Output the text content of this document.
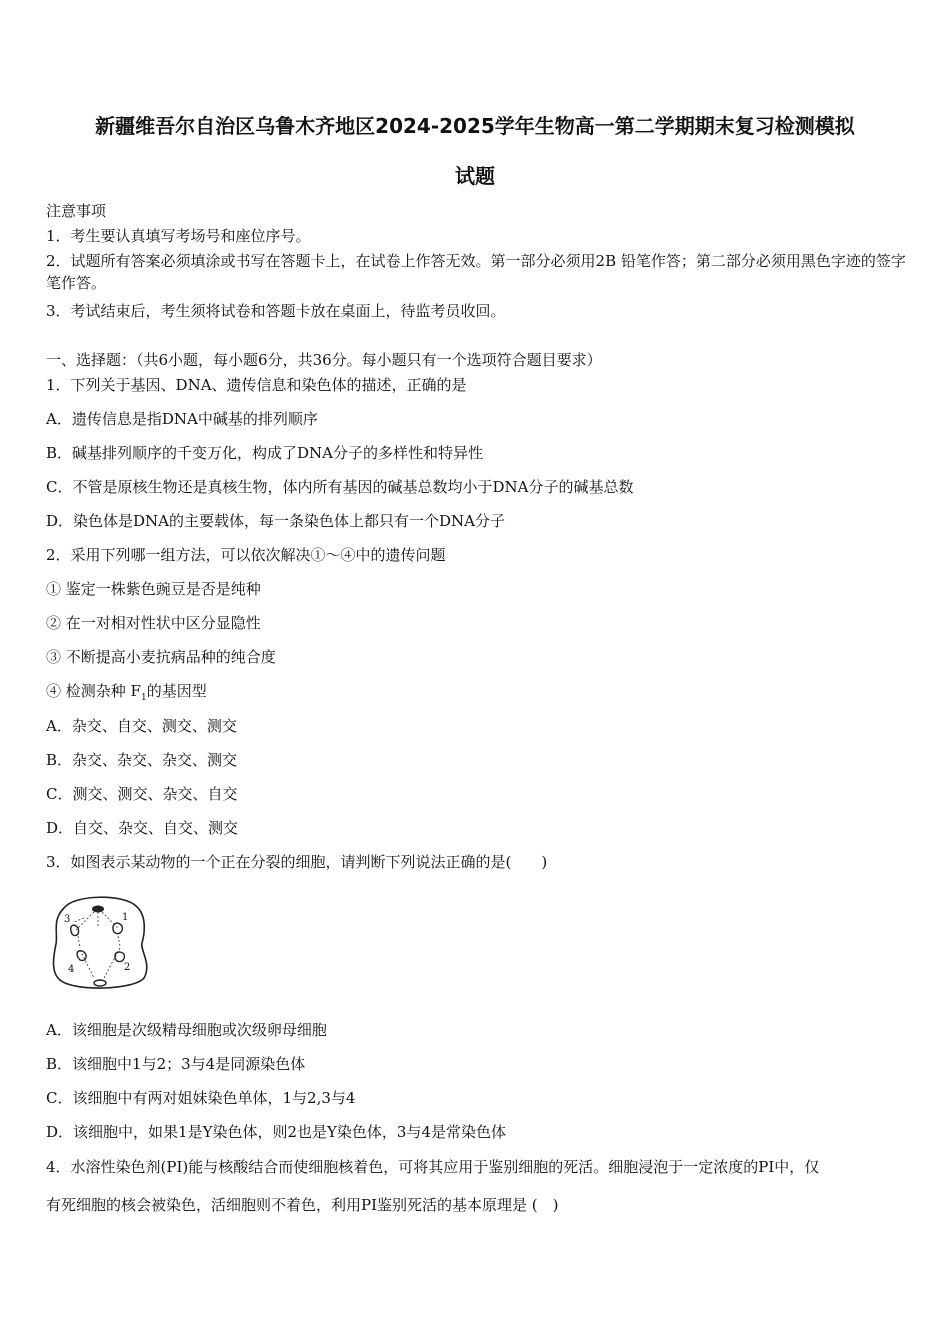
新疆维吾尔自治区乌鲁木齐地区2024-2025学年生物高一第二学期期末复习检测模拟
试题
注意事项
1．考生要认真填写考场号和座位序号。
2．试题所有答案必须填涂或书写在答题卡上，在试卷上作答无效。第一部分必须用2B 铅笔作答；第二部分必须用黑色字迹的签字笔作答。
3．考试结束后，考生须将试卷和答题卡放在桌面上，待监考员收回。
一、选择题：（共6小题，每小题6分，共36分。每小题只有一个选项符合题目要求）
1．下列关于基因、DNA、遗传信息和染色体的描述，正确的是
A．遗传信息是指DNA中碱基的排列顺序
B．碱基排列顺序的千变万化，构成了DNA分子的多样性和特异性
C．不管是原核生物还是真核生物，体内所有基因的碱基总数均小于DNA分子的碱基总数
D．染色体是DNA的主要载体，每一条染色体上都只有一个DNA分子
2．采用下列哪一组方法，可以依次解决①～④中的遗传问题
① 鉴定一株紫色豌豆是否是纯种
② 在一对相对性状中区分显隐性
③ 不断提高小麦抗病品种的纯合度
④ 检测杂种 $F_1$的基因型
A．杂交、自交、测交、测交
B．杂交、杂交、杂交、测交
C．测交、测交、杂交、自交
D．自交、杂交、自交、测交
3．如图表示某动物的一个正在分裂的细胞，请判断下列说法正确的是(　　)
3	1
4	2
A．该细胞是次级精母细胞或次级卵母细胞
B．该细胞中1与2；3与4是同源染色体
C．该细胞中有两对姐妹染色单体，1与2,3与4
D．该细胞中，如果1是Y染色体，则2也是Y染色体，3与4是常染色体
4．水溶性染色剂(PI)能与核酸结合而使细胞核着色，可将其应用于鉴别细胞的死活。细胞浸泡于一定浓度的PI中，仅
有死细胞的核会被染色，活细胞则不着色，利用PI鉴别死活的基本原理是 (　)
